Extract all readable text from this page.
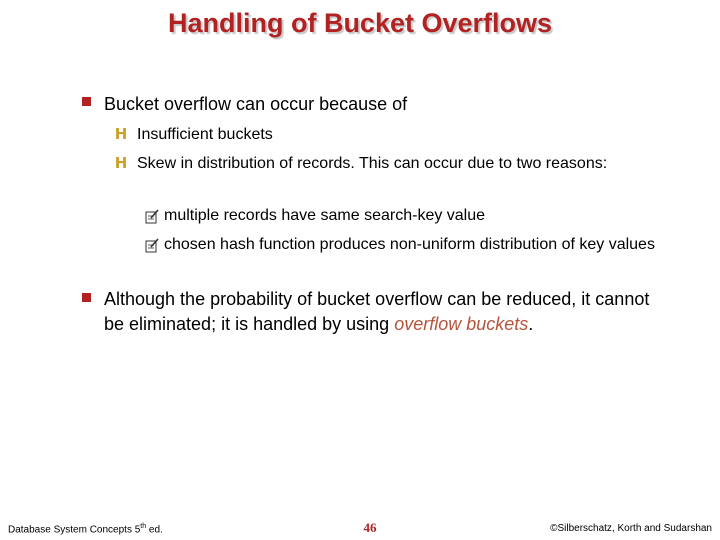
Handling of Bucket Overflows
Bucket overflow can occur because of
H Insufficient buckets
H Skew in distribution of records. This can occur due to two reasons:
multiple records have same search-key value
chosen hash function produces non-uniform distribution of key values
Although the probability of bucket overflow can be reduced, it cannot be eliminated; it is handled by using overflow buckets.
Database System Concepts 5th ed.	46	©Silberschatz, Korth and Sudarshan
